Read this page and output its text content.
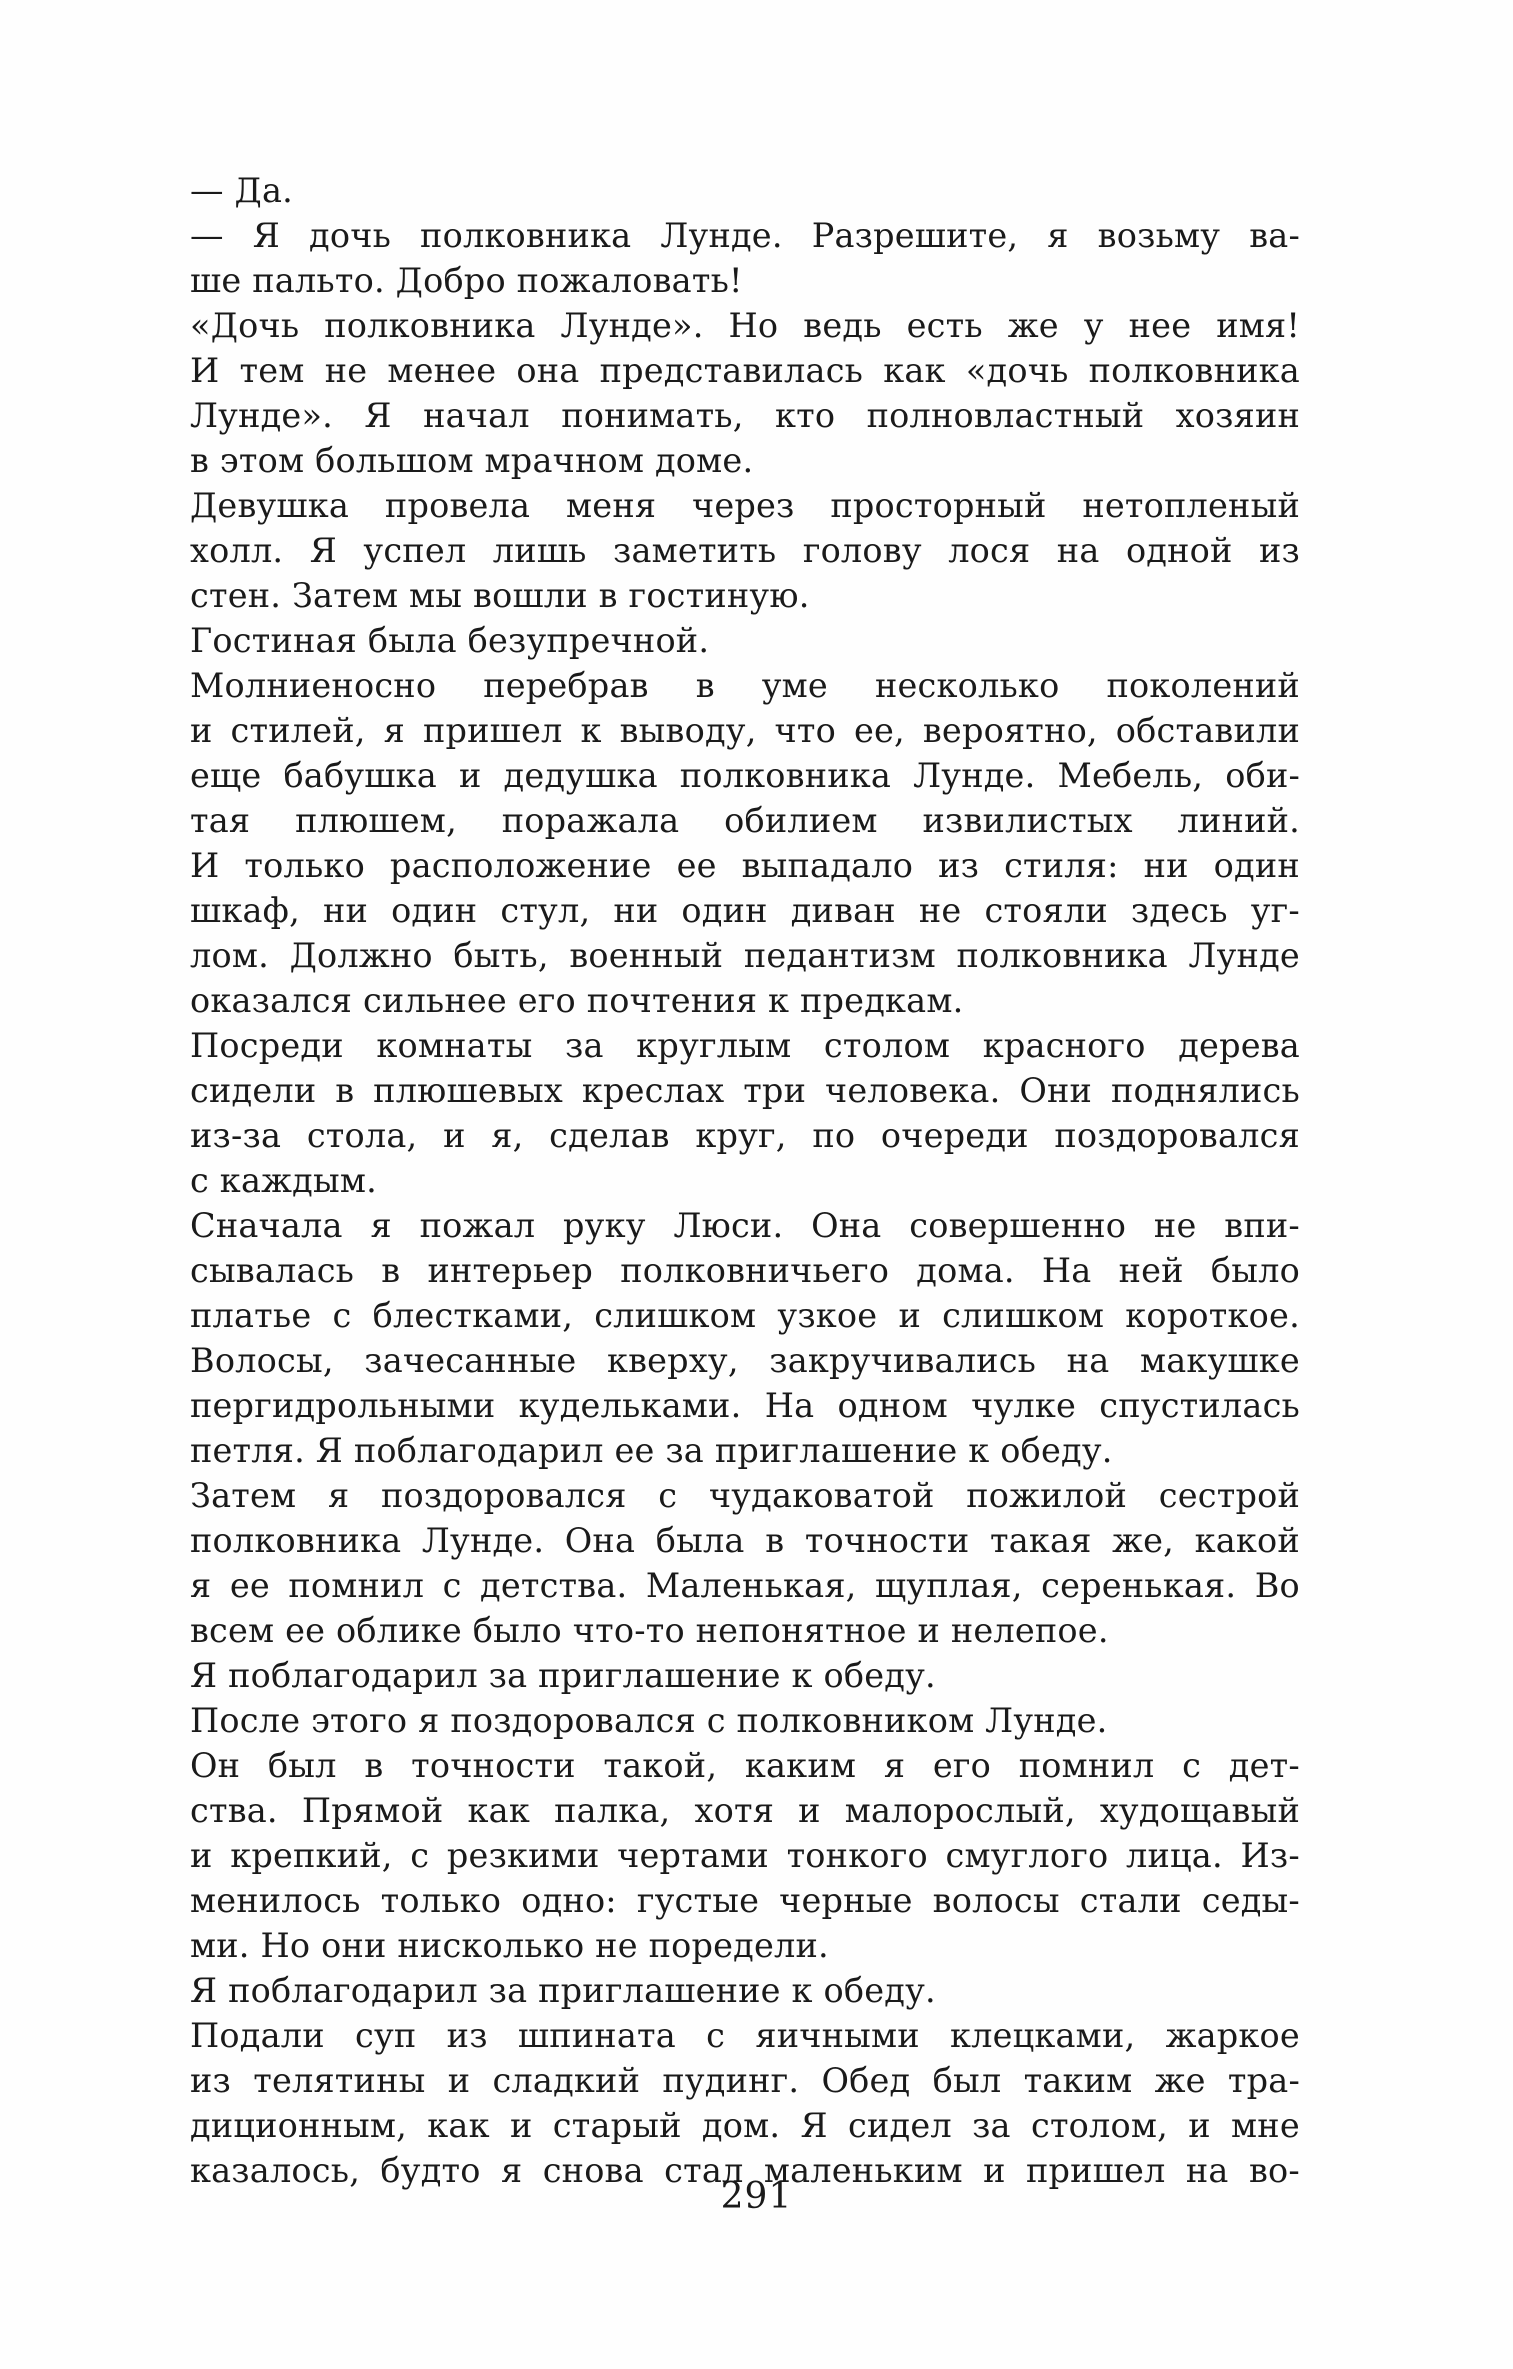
— Да.
— Я дочь полковника Лунде. Разрешите, я возьму ва-
ше пальто. Добро пожаловать!
«Дочь полковника Лунде». Но ведь есть же у нее имя!
И тем не менее она представилась как «дочь полковника
Лунде». Я начал понимать, кто полновластный хозяин
в этом большом мрачном доме.
Девушка провела меня через просторный нетопленый
холл. Я успел лишь заметить голову лося на одной из
стен. Затем мы вошли в гостиную.
Гостиная была безупречной.
Молниеносно перебрав в уме несколько поколений
и стилей, я пришел к выводу, что ее, вероятно, обставили
еще бабушка и дедушка полковника Лунде. Мебель, оби-
тая плюшем, поражала обилием извилистых линий.
И только расположение ее выпадало из стиля: ни один
шкаф, ни один стул, ни один диван не стояли здесь уг-
лом. Должно быть, военный педантизм полковника Лунде
оказался сильнее его почтения к предкам.
Посреди комнаты за круглым столом красного дерева
сидели в плюшевых креслах три человека. Они поднялись
из-за стола, и я, сделав круг, по очереди поздоровался
с каждым.
Сначала я пожал руку Люси. Она совершенно не впи-
сывалась в интерьер полковничьего дома. На ней было
платье с блестками, слишком узкое и слишком короткое.
Волосы, зачесанные кверху, закручивались на макушке
пергидрольными кудельками. На одном чулке спустилась
петля. Я поблагодарил ее за приглашение к обеду.
Затем я поздоровался с чудаковатой пожилой сестрой
полковника Лунде. Она была в точности такая же, какой
я ее помнил с детства. Маленькая, щуплая, серенькая. Во
всем ее облике было что-то непонятное и нелепое.
Я поблагодарил за приглашение к обеду.
После этого я поздоровался с полковником Лунде.
Он был в точности такой, каким я его помнил с дет-
ства. Прямой как палка, хотя и малорослый, худощавый
и крепкий, с резкими чертами тонкого смуглого лица. Из-
менилось только одно: густые черные волосы стали седы-
ми. Но они нисколько не поредели.
Я поблагодарил за приглашение к обеду.
Подали суп из шпината с яичными клецками, жаркое
из телятины и сладкий пудинг. Обед был таким же тра-
диционным, как и старый дом. Я сидел за столом, и мне
казалось, будто я снова стал маленьким и пришел на во-
291
